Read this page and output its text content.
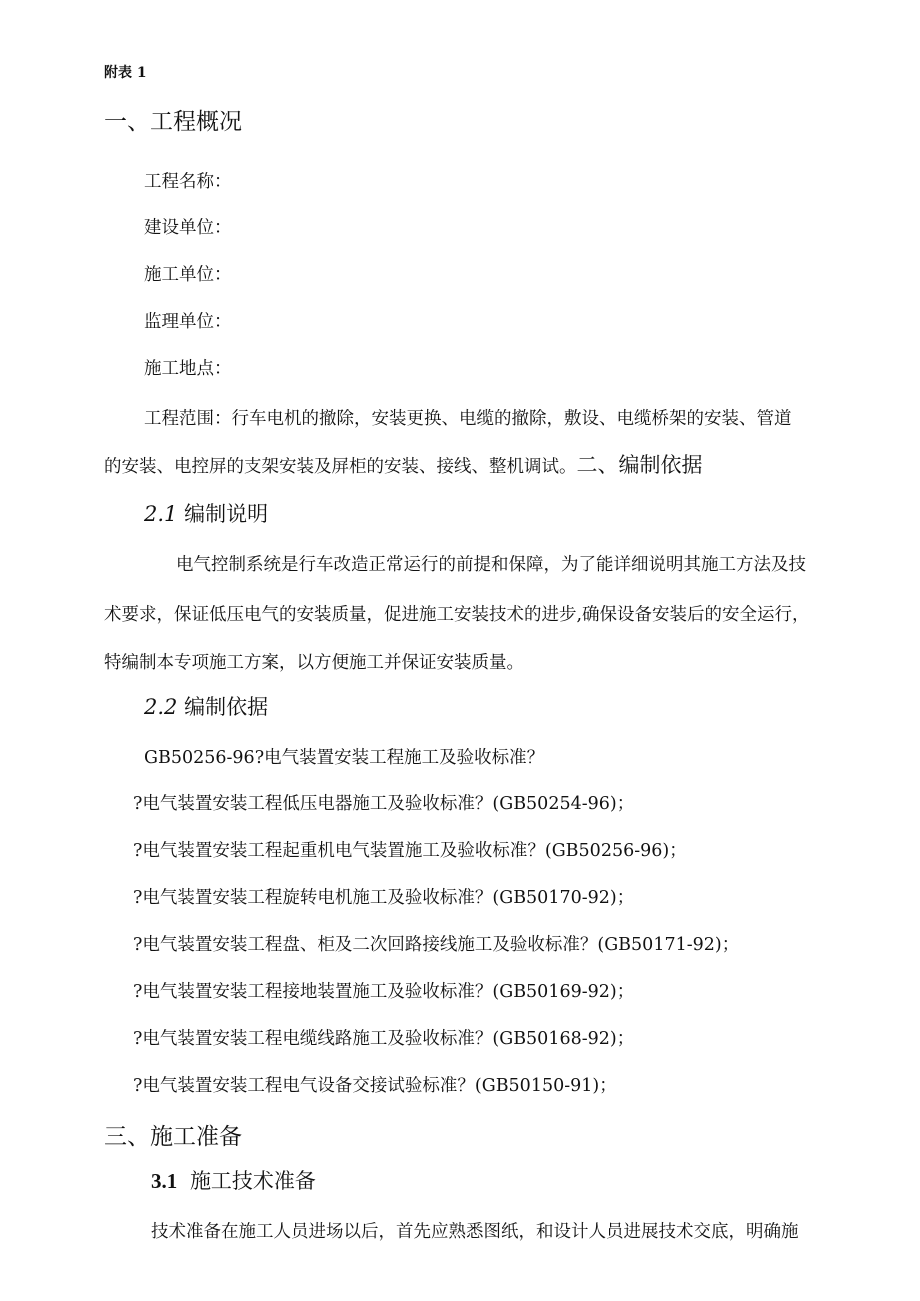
附表 1
一、工程概况
工程名称：
建设单位：
施工单位：
监理单位：
施工地点：
工程范围：行车电机的撤除，安装更换、电缆的撤除，敷设、电缆桥架的安装、管道
的安装、电控屏的支架安装及屏柜的安装、接线、整机调试。二、编制依据
2.1 编制说明
电气控制系统是行车改造正常运行的前提和保障，为了能详细说明其施工方法及技
术要求，保证低压电气的安装质量，促进施工安装技术的进步,确保设备安装后的安全运行，
特编制本专项施工方案，以方便施工并保证安装质量。
2.2 编制依据
GB50256-96?电气装置安装工程施工及验收标准？
?电气装置安装工程低压电器施工及验收标准？(GB50254-96)；
?电气装置安装工程起重机电气装置施工及验收标准？(GB50256-96)；
?电气装置安装工程旋转电机施工及验收标准？(GB50170-92)；
?电气装置安装工程盘、柜及二次回路接线施工及验收标准？(GB50171-92)；
?电气装置安装工程接地装置施工及验收标准？(GB50169-92)；
?电气装置安装工程电缆线路施工及验收标准？(GB50168-92)；
?电气装置安装工程电气设备交接试验标准？(GB50150-91)；
三、施工准备
3.1 施工技术准备
技术准备在施工人员进场以后，首先应熟悉图纸，和设计人员进展技术交底，明确施
